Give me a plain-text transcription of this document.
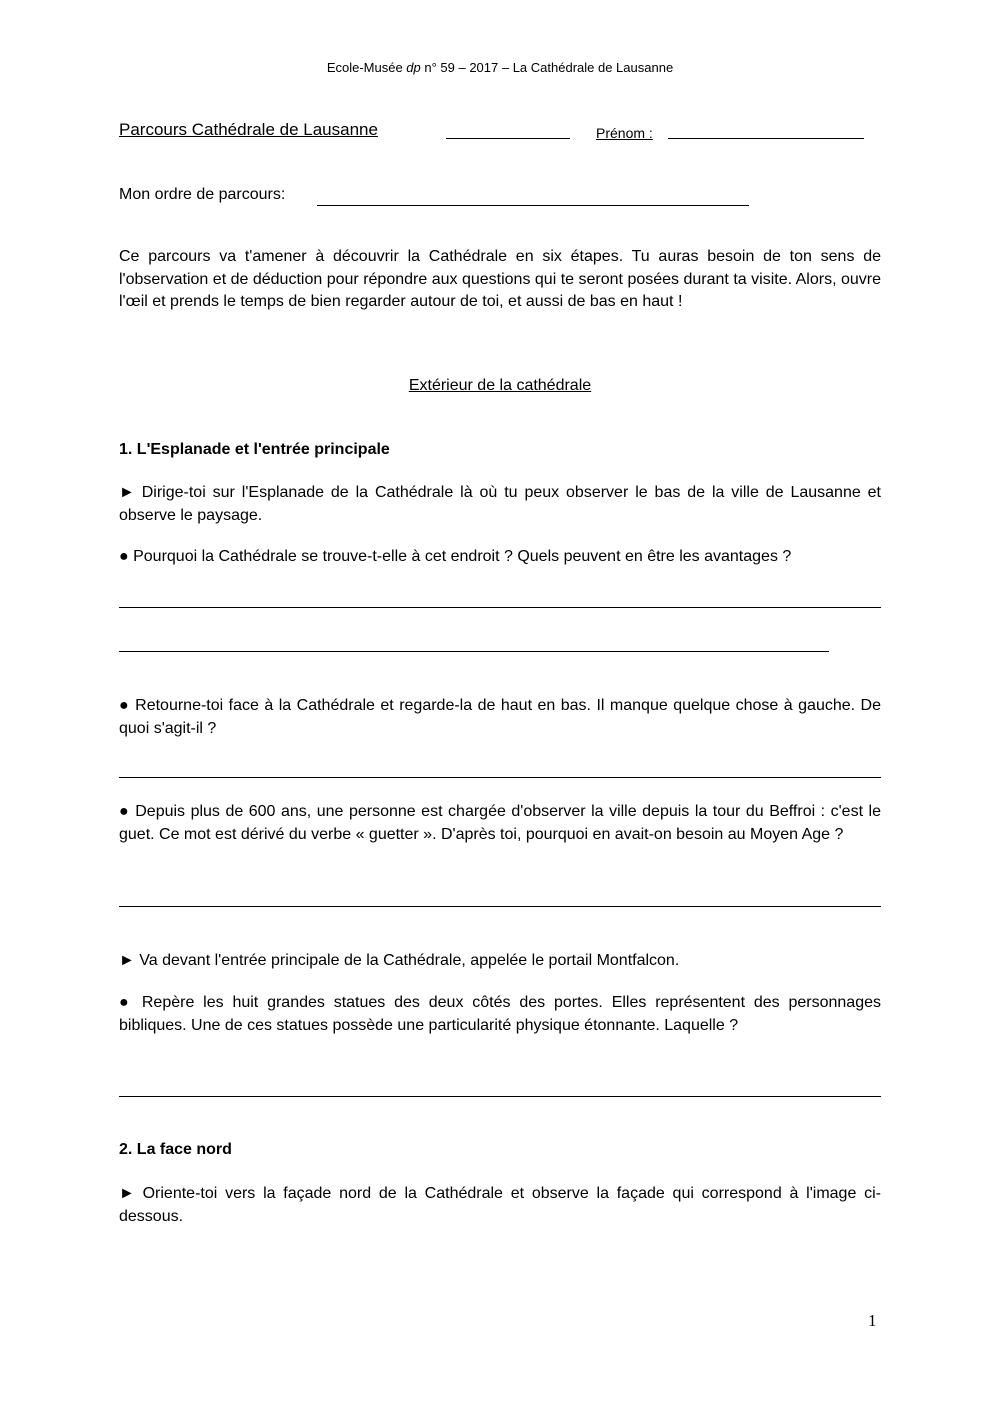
Ecole-Musée dp n° 59 – 2017 – La Cathédrale de Lausanne
Parcours Cathédrale de Lausanne	Prénom :
Mon ordre de parcours:
Ce parcours va t'amener à découvrir la Cathédrale en six étapes. Tu auras besoin de ton sens de l'observation et de déduction pour répondre aux questions qui te seront posées durant ta visite. Alors, ouvre l'œil et prends le temps de bien regarder autour de toi, et aussi de bas en haut !
Extérieur de la cathédrale
1. L'Esplanade et l'entrée principale
► Dirige-toi sur l'Esplanade de la Cathédrale là où tu peux observer le bas de la ville de Lausanne et observe le paysage.
● Pourquoi la Cathédrale se trouve-t-elle à cet endroit ? Quels peuvent en être les avantages ?
● Retourne-toi face à la Cathédrale et regarde-la de haut en bas. Il manque quelque chose à gauche. De quoi s'agit-il ?
● Depuis plus de 600 ans, une personne est chargée d'observer la ville depuis la tour du Beffroi : c'est le guet. Ce mot est dérivé du verbe « guetter ». D'après toi, pourquoi en avait-on besoin au Moyen Age ?
► Va devant l'entrée principale de la Cathédrale, appelée le portail Montfalcon.
● Repère les huit grandes statues des deux côtés des portes. Elles représentent des personnages bibliques. Une de ces statues possède une particularité physique étonnante. Laquelle ?
2. La face nord
► Oriente-toi vers la façade nord de la Cathédrale et observe la façade qui correspond à l'image ci-dessous.
1
